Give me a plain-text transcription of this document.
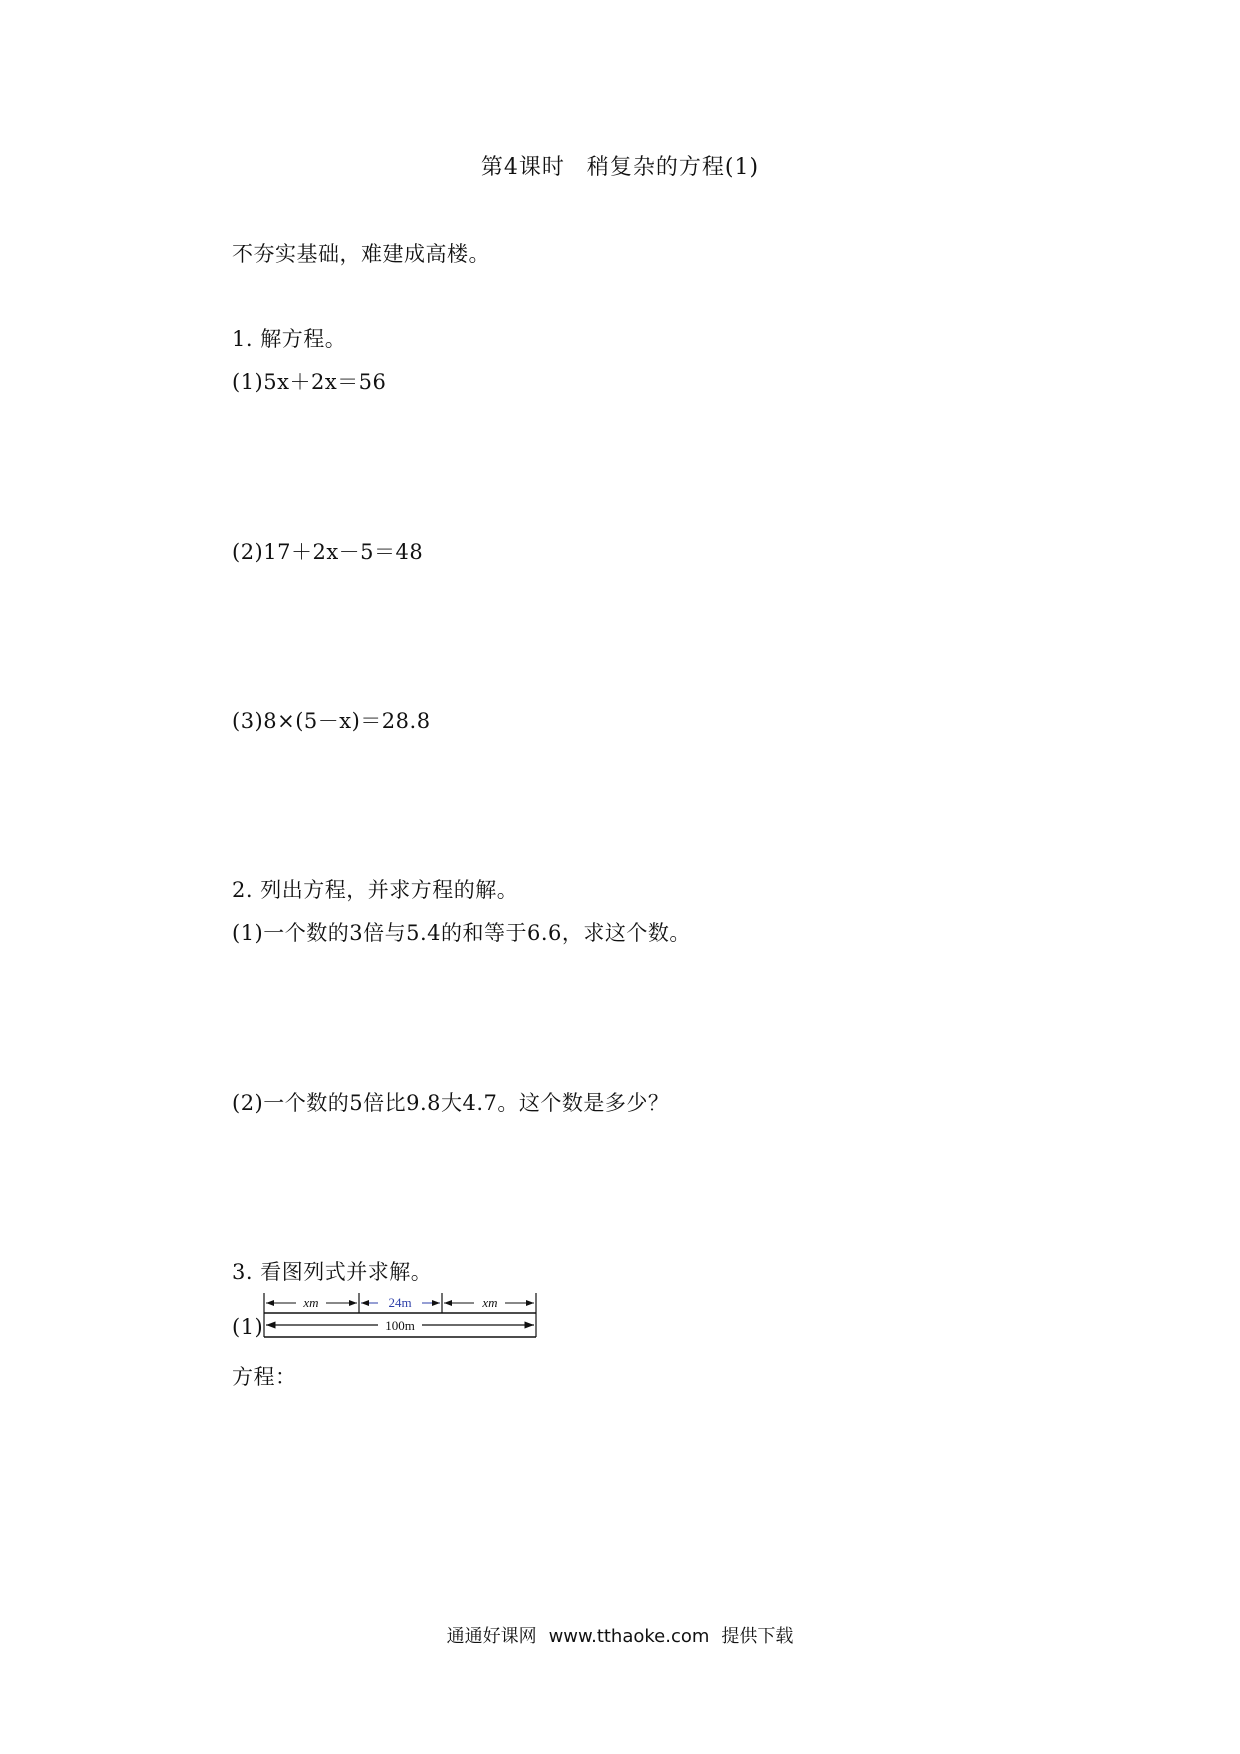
第4课时 稍复杂的方程(1)
不夯实基础，难建成高楼。
1. 解方程。
(1)5x＋2x＝56
(2)17＋2x－5＝48
(3)8×(5－x)＝28.8
2. 列出方程，并求方程的解。
(1)一个数的3倍与5.4的和等于6.6，求这个数。
(2)一个数的5倍比9.8大4.7。这个数是多少？
3. 看图列式并求解。
(1)
xm	24m	xm
100m
方程：
通通好课网 www.tthaoke.com 提供下载
